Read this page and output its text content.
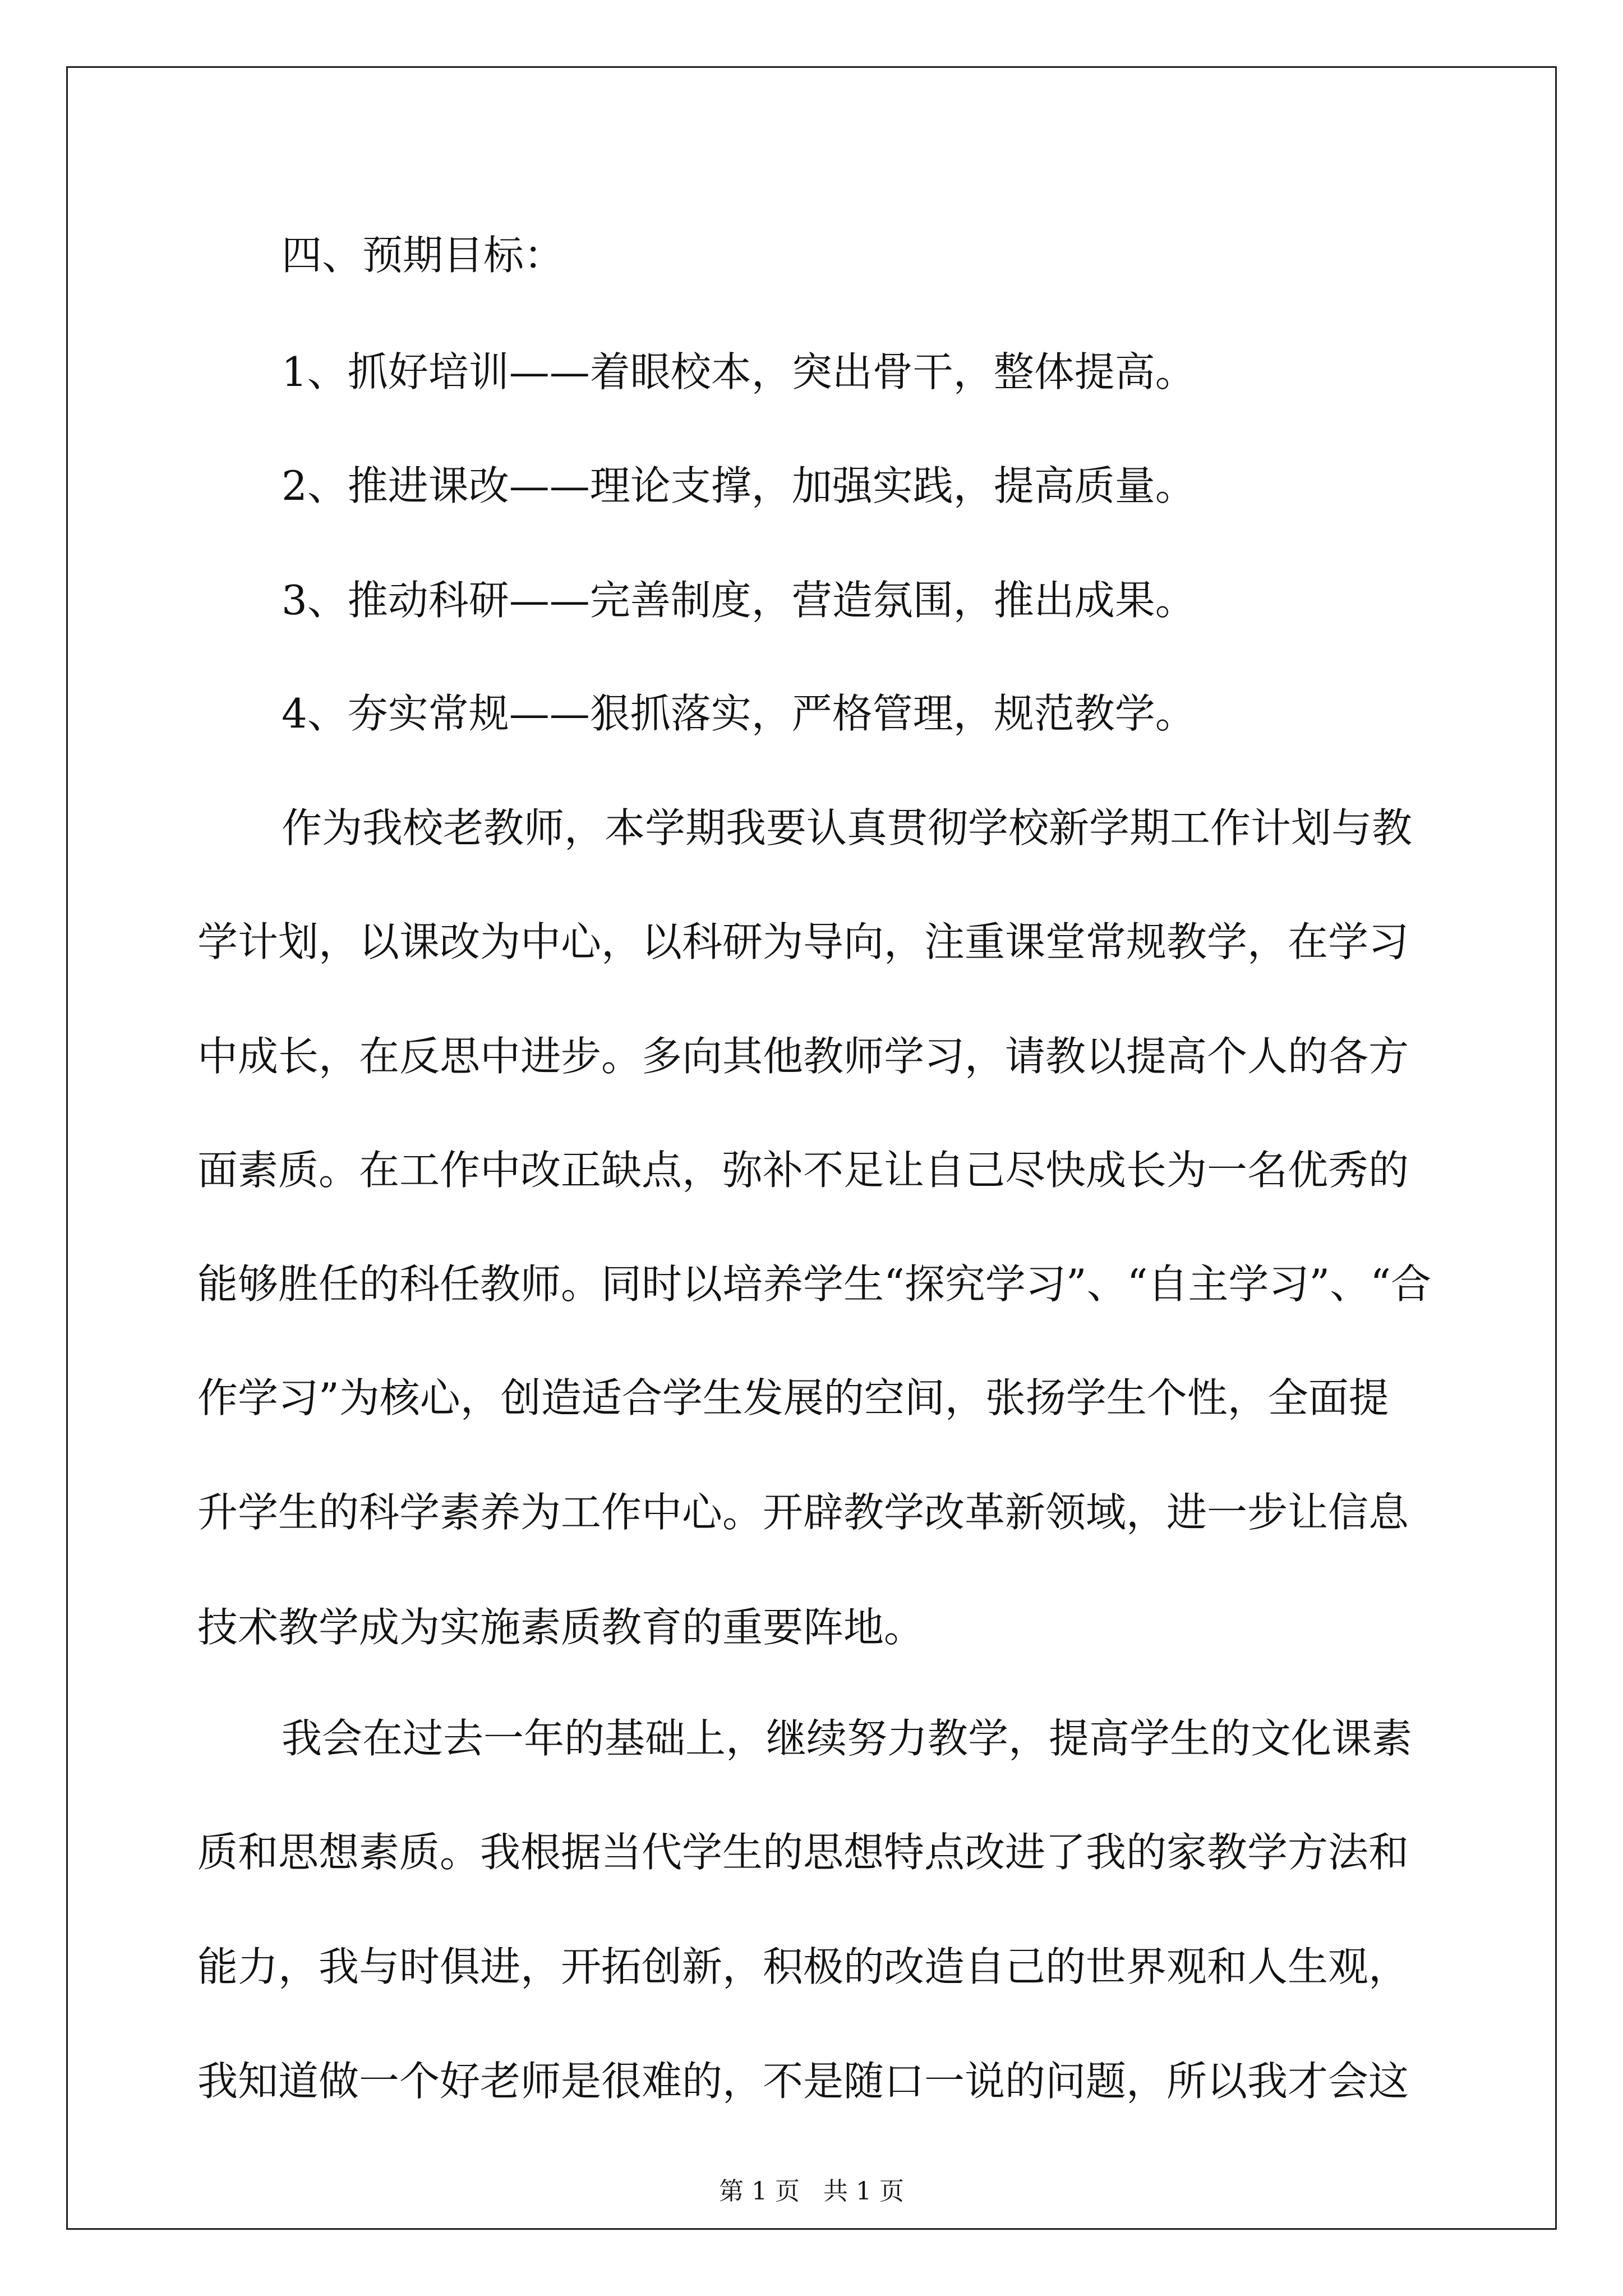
四、预期目标：
1、抓好培训——着眼校本，突出骨干，整体提高。
2、推进课改——理论支撑，加强实践，提高质量。
3、推动科研——完善制度，营造氛围，推出成果。
4、夯实常规——狠抓落实，严格管理，规范教学。
作为我校老教师，本学期我要认真贯彻学校新学期工作计划与教
学计划，以课改为中心，以科研为导向，注重课堂常规教学，在学习
中成长，在反思中进步。多向其他教师学习，请教以提高个人的各方
面素质。在工作中改正缺点，弥补不足让自己尽快成长为一名优秀的
能够胜任的科任教师。同时以培养学生“探究学习”、“自主学习”、“合
作学习”为核心，创造适合学生发展的空间，张扬学生个性，全面提
升学生的科学素养为工作中心。开辟教学改革新领域，进一步让信息
技术教学成为实施素质教育的重要阵地。
我会在过去一年的基础上，继续努力教学，提高学生的文化课素
质和思想素质。我根据当代学生的思想特点改进了我的家教学方法和
能力，我与时俱进，开拓创新，积极的改造自己的世界观和人生观，
我知道做一个好老师是很难的，不是随口一说的问题，所以我才会这
第 1 页   共 1 页
